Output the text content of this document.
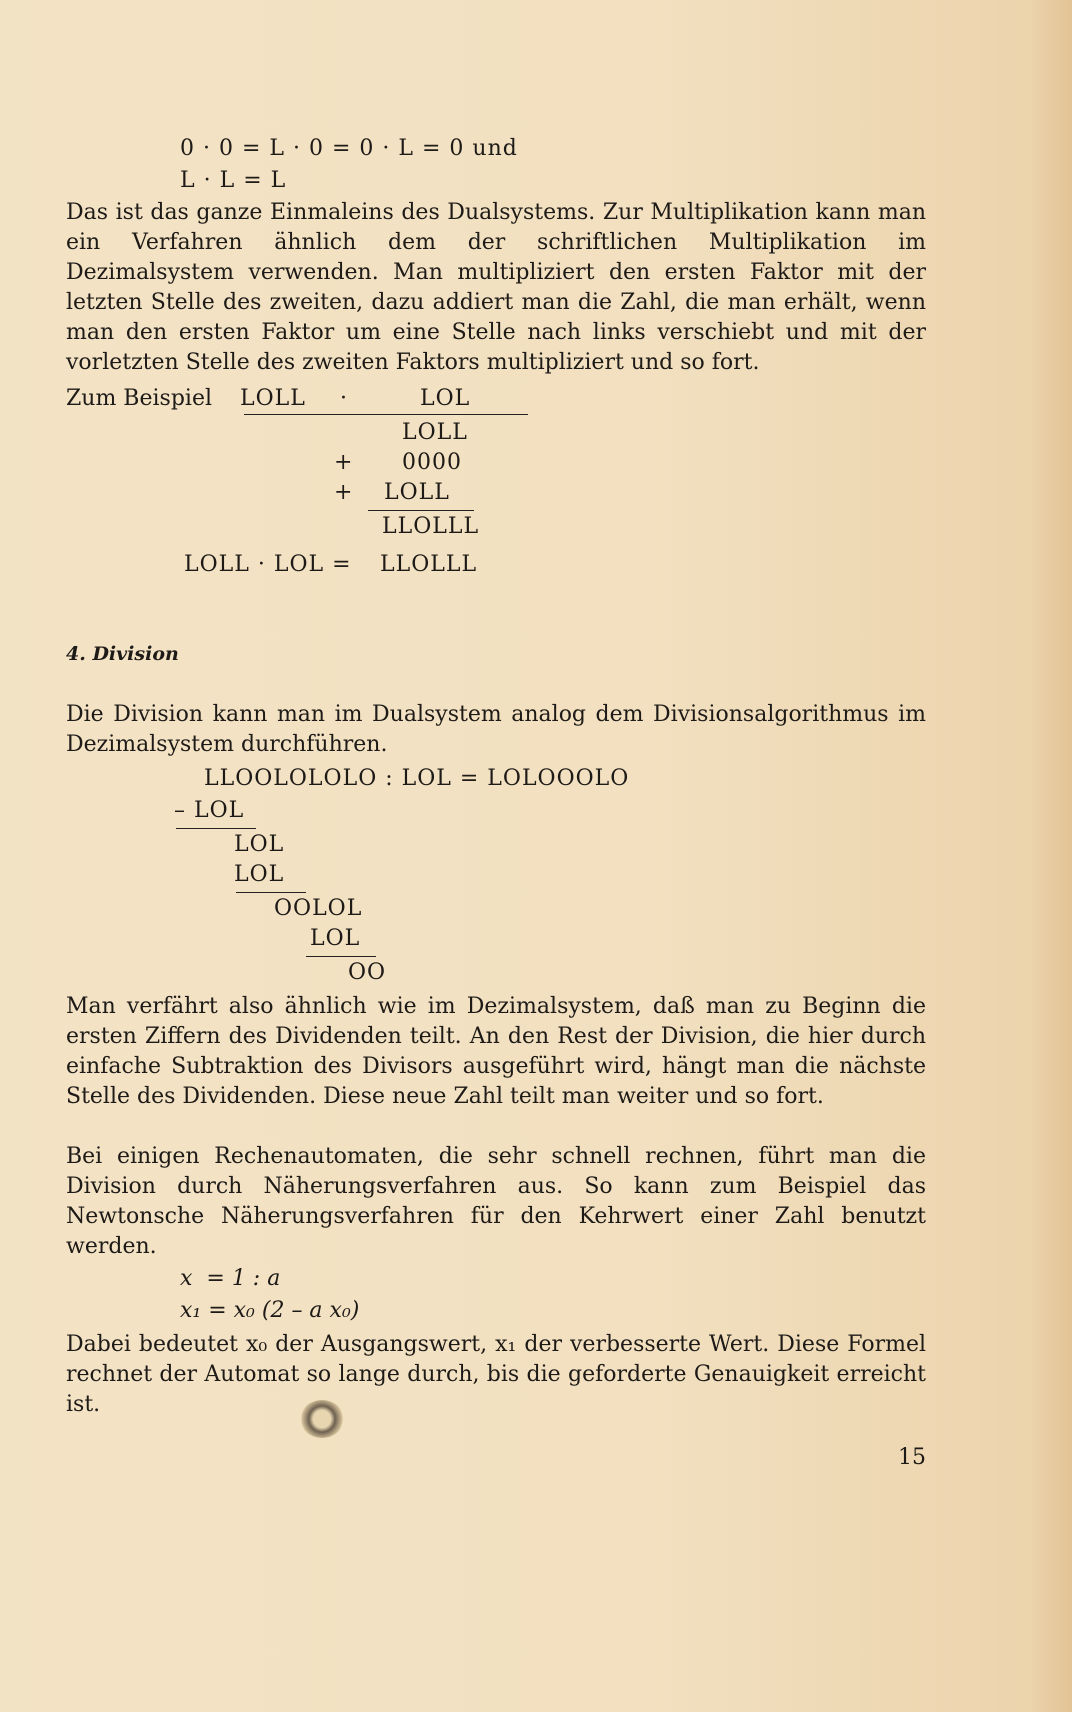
0 · 0 = L · 0 = 0 · L = 0 und
L · L = L

Das ist das ganze Einmaleins des Dualsystems. Zur Multiplikation kann man ein Verfahren ähnlich dem der schriftlichen Multiplikation im Dezimalsystem verwenden. Man multipliziert den ersten Faktor mit der letzten Stelle des zweiten, dazu addiert man die Zahl, die man erhält, wenn man den ersten Faktor um eine Stelle nach links verschiebt und mit der vorletzten Stelle des zweiten Faktors multipliziert und so fort.

Zum Beispiel LOLL ·	LOL
LOLL
+ 0000
+ LOLL
LLOLLL
LOLL · LOL = LLOLLL
4. Division

Die Division kann man im Dualsystem analog dem Divisionsalgorithmus im Dezimalsystem durchführen.

LLOOLOLOLO : LOL = LOLOOOLO
– LOL
LOL
LOL
OOLOL
LOL
OO

Man verfährt also ähnlich wie im Dezimalsystem, daß man zu Beginn die ersten Ziffern des Dividenden teilt. An den Rest der Division, die hier durch einfache Subtraktion des Divisors ausgeführt wird, hängt man die nächste Stelle des Dividenden. Diese neue Zahl teilt man weiter und so fort.

Bei einigen Rechenautomaten, die sehr schnell rechnen, führt man die Division durch Näherungsverfahren aus. So kann zum Beispiel das Newtonsche Näherungsverfahren für den Kehrwert einer Zahl benutzt werden.

x  = 1 : a
x₁ = x₀ (2 – a x₀)

Dabei bedeutet x₀ der Ausgangswert, x₁ der verbesserte Wert. Diese Formel rechnet der Automat so lange durch, bis die geforderte Genauigkeit erreicht ist.

15
